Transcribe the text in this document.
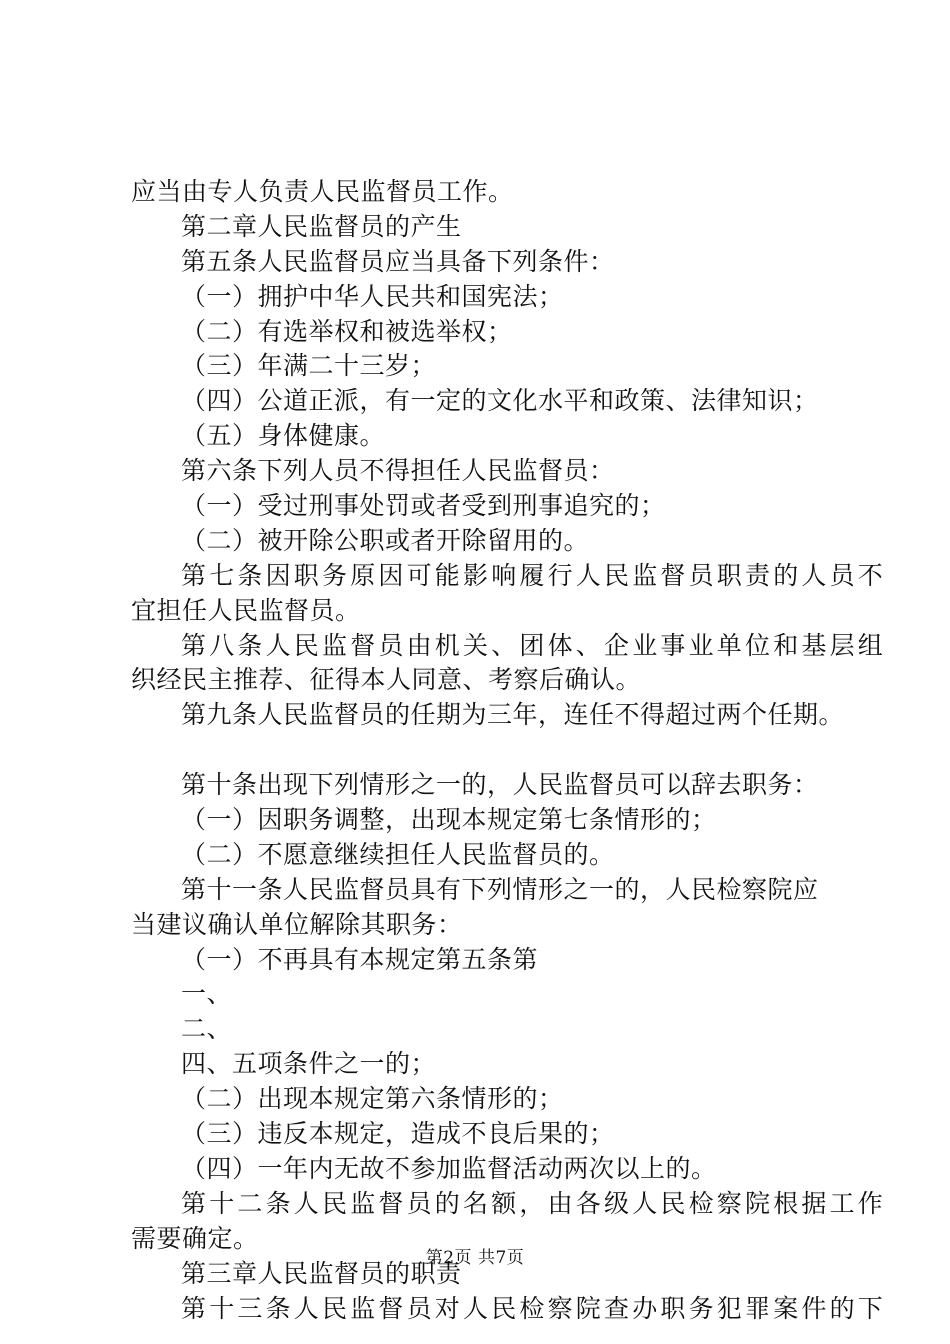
应当由专人负责人民监督员工作。
第二章人民监督员的产生
第五条人民监督员应当具备下列条件：
（一）拥护中华人民共和国宪法；
（二）有选举权和被选举权；
（三）年满二十三岁；
（四）公道正派，有一定的文化水平和政策、法律知识；
（五）身体健康。
第六条下列人员不得担任人民监督员：
（一）受过刑事处罚或者受到刑事追究的；
（二）被开除公职或者开除留用的。
第七条因职务原因可能影响履行人民监督员职责的人员不
宜担任人民监督员。
第八条人民监督员由机关、团体、企业事业单位和基层组
织经民主推荐、征得本人同意、考察后确认。
第九条人民监督员的任期为三年，连任不得超过两个任期。
第十条出现下列情形之一的，人民监督员可以辞去职务：
（一）因职务调整，出现本规定第七条情形的；
（二）不愿意继续担任人民监督员的。
第十一条人民监督员具有下列情形之一的，人民检察院应
当建议确认单位解除其职务：
（一）不再具有本规定第五条第
一、
二、
四、五项条件之一的；
（二）出现本规定第六条情形的；
（三）违反本规定，造成不良后果的；
（四）一年内无故不参加监督活动两次以上的。
第十二条人民监督员的名额，由各级人民检察院根据工作
需要确定。
第三章人民监督员的职责
第十三条人民监督员对人民检察院查办职务犯罪案件的下
第2页 共7页
